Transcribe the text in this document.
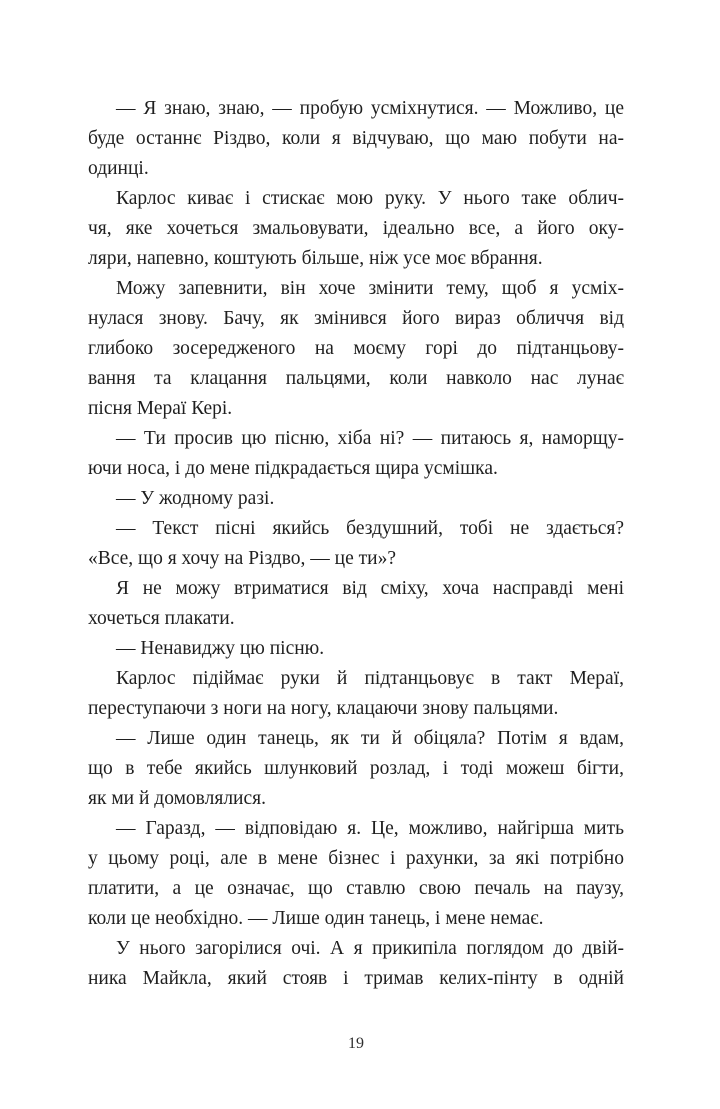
— Я знаю, знаю, — пробую усміхнутися. — Можливо, це
буде останнє Різдво, коли я відчуваю, що маю побути на-
одинці.
Карлос киває і стискає мою руку. У нього таке облич-
чя, яке хочеться змальовувати, ідеально все, а його оку-
ляри, напевно, коштують більше, ніж усе моє вбрання.
Можу запевнити, він хоче змінити тему, щоб я усміх-
нулася знову. Бачу, як змінився його вираз обличчя від
глибоко зосередженого на моєму горі до підтанцьову-
вання та клацання пальцями, коли навколо нас лунає
пісня Мераї Кері.
— Ти просив цю пісню, хіба ні? — питаюсь я, наморщу-
ючи носа, і до мене підкрадається щира усмішка.
— У жодному разі.
— Текст пісні якийсь бездушний, тобі не здається?
«Все, що я хочу на Різдво, — це ти»?
Я не можу втриматися від сміху, хоча насправді мені
хочеться плакати.
— Ненавиджу цю пісню.
Карлос підіймає руки й підтанцьовує в такт Мераї,
переступаючи з ноги на ногу, клацаючи знову пальцями.
— Лише один танець, як ти й обіцяла? Потім я вдам,
що в тебе якийсь шлунковий розлад, і тоді можеш бігти,
як ми й домовлялися.
— Гаразд, — відповідаю я. Це, можливо, найгірша мить
у цьому році, але в мене бізнес і рахунки, за які потрібно
платити, а це означає, що ставлю свою печаль на паузу,
коли це необхідно. — Лише один танець, і мене немає.
У нього загорілися очі. А я прикипіла поглядом до двій-
ника Майкла, який стояв і тримав келих-пінту в одній
19
